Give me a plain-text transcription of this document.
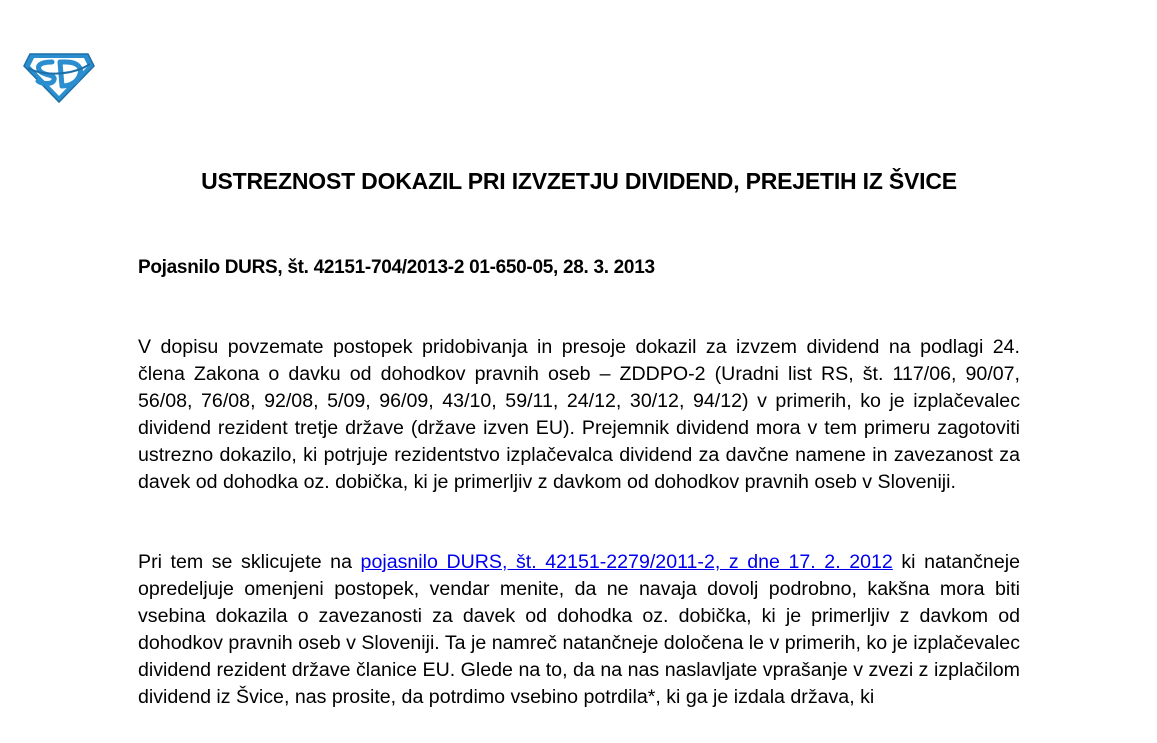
USTREZNOST DOKAZIL PRI IZVZETJU DIVIDEND, PREJETIH IZ ŠVICE

Pojasnilo DURS, št. 42151-704/2013-2 01-650-05, 28. 3. 2013

V dopisu povzemate postopek pridobivanja in presoje dokazil za izvzem dividend na podlagi 24. člena Zakona o davku od dohodkov pravnih oseb – ZDDPO-2 (Uradni list RS, št. 117/06, 90/07, 56/08, 76/08, 92/08, 5/09, 96/09, 43/10, 59/11, 24/12, 30/12, 94/12) v primerih, ko je izplačevalec dividend rezident tretje države (države izven EU). Prejemnik dividend mora v tem primeru zagotoviti ustrezno dokazilo, ki potrjuje rezidentstvo izplačevalca dividend za davčne namene in zavezanost za davek od dohodka oz. dobička, ki je primerljiv z davkom od dohodkov pravnih oseb v Sloveniji.

Pri tem se sklicujete na pojasnilo DURS, št. 42151-2279/2011-2, z dne 17. 2. 2012 ki natančneje opredeljuje omenjeni postopek, vendar menite, da ne navaja dovolj podrobno, kakšna mora biti vsebina dokazila o zavezanosti za davek od dohodka oz. dobička, ki je primerljiv z davkom od dohodkov pravnih oseb v Sloveniji. Ta je namreč natančneje določena le v primerih, ko je izplačevalec dividend rezident države članice EU. Glede na to, da na nas naslavljate vprašanje v zvezi z izplačilom dividend iz Švice, nas prosite, da potrdimo vsebino potrdila*, ki ga je izdala država, ki
